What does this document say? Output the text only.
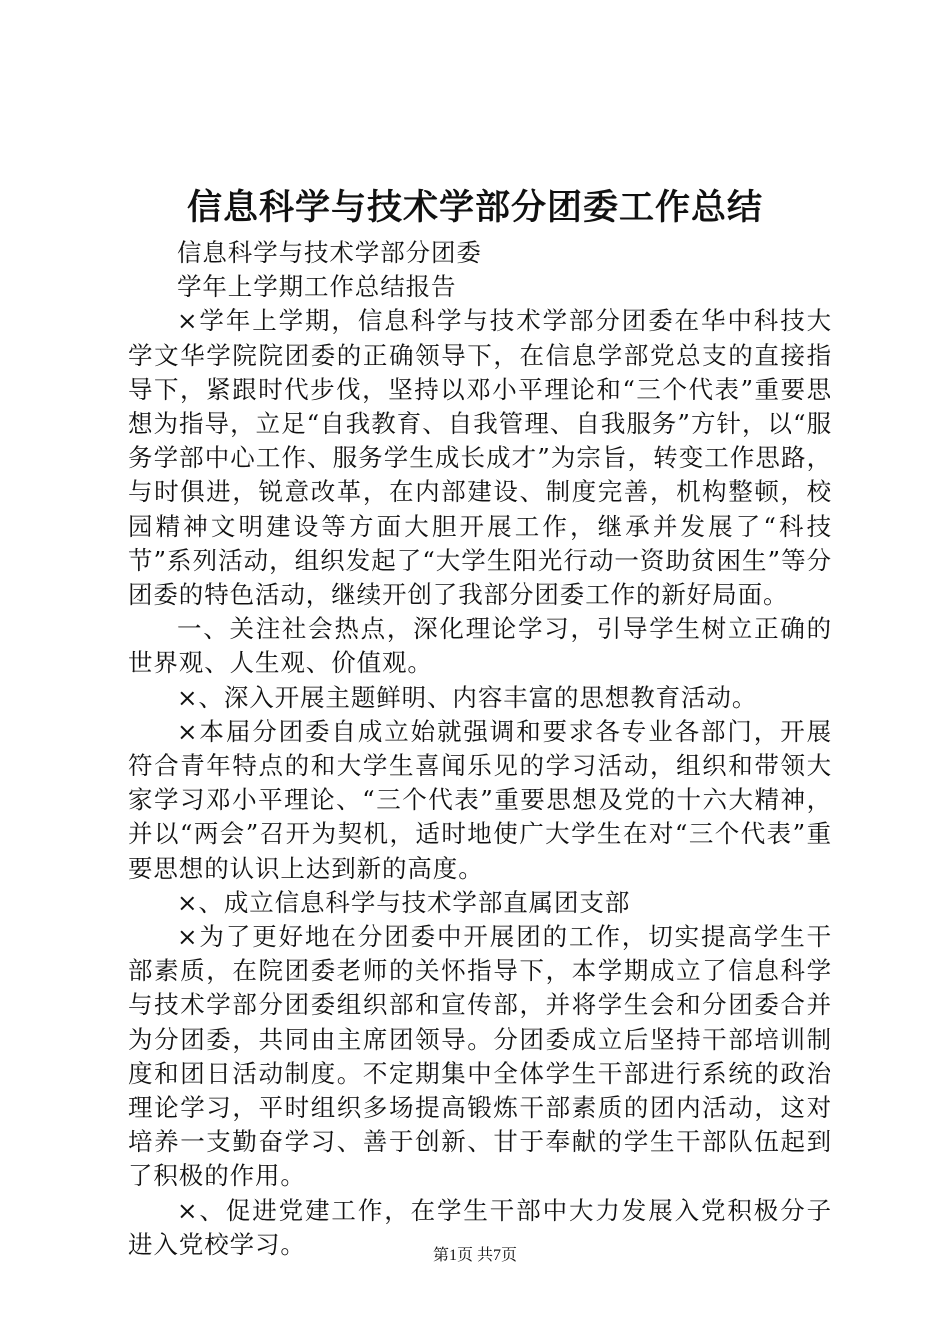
信息科学与技术学部分团委工作总结

信息科学与技术学部分团委

学年上学期工作总结报告

×学年上学期，信息科学与技术学部分团委在华中科技大学文华学院院团委的正确领导下，在信息学部党总支的直接指导下，紧跟时代步伐，坚持以邓小平理论和“三个代表”重要思想为指导，立足“自我教育、自我管理、自我服务”方针，以“服务学部中心工作、服务学生成长成才”为宗旨，转变工作思路，与时俱进，锐意改革，在内部建设、制度完善，机构整顿，校园精神文明建设等方面大胆开展工作，继承并发展了“科技节”系列活动，组织发起了“大学生阳光行动一资助贫困生”等分团委的特色活动，继续开创了我部分团委工作的新好局面。

一、关注社会热点，深化理论学习，引导学生树立正确的世界观、人生观、价值观。

×、深入开展主题鲜明、内容丰富的思想教育活动。

×本届分团委自成立始就强调和要求各专业各部门，开展符合青年特点的和大学生喜闻乐见的学习活动，组织和带领大家学习邓小平理论、“三个代表”重要思想及党的十六大精神，并以“两会”召开为契机，适时地使广大学生在对“三个代表”重要思想的认识上达到新的高度。

×、成立信息科学与技术学部直属团支部

×为了更好地在分团委中开展团的工作，切实提高学生干部素质，在院团委老师的关怀指导下，本学期成立了信息科学与技术学部分团委组织部和宣传部，并将学生会和分团委合并为分团委，共同由主席团领导。分团委成立后坚持干部培训制度和团日活动制度。不定期集中全体学生干部进行系统的政治理论学习，平时组织多场提高锻炼干部素质的团内活动，这对培养一支勤奋学习、善于创新、甘于奉献的学生干部队伍起到了积极的作用。

×、促进党建工作，在学生干部中大力发展入党积极分子进入党校学习。	第1页 共7页
